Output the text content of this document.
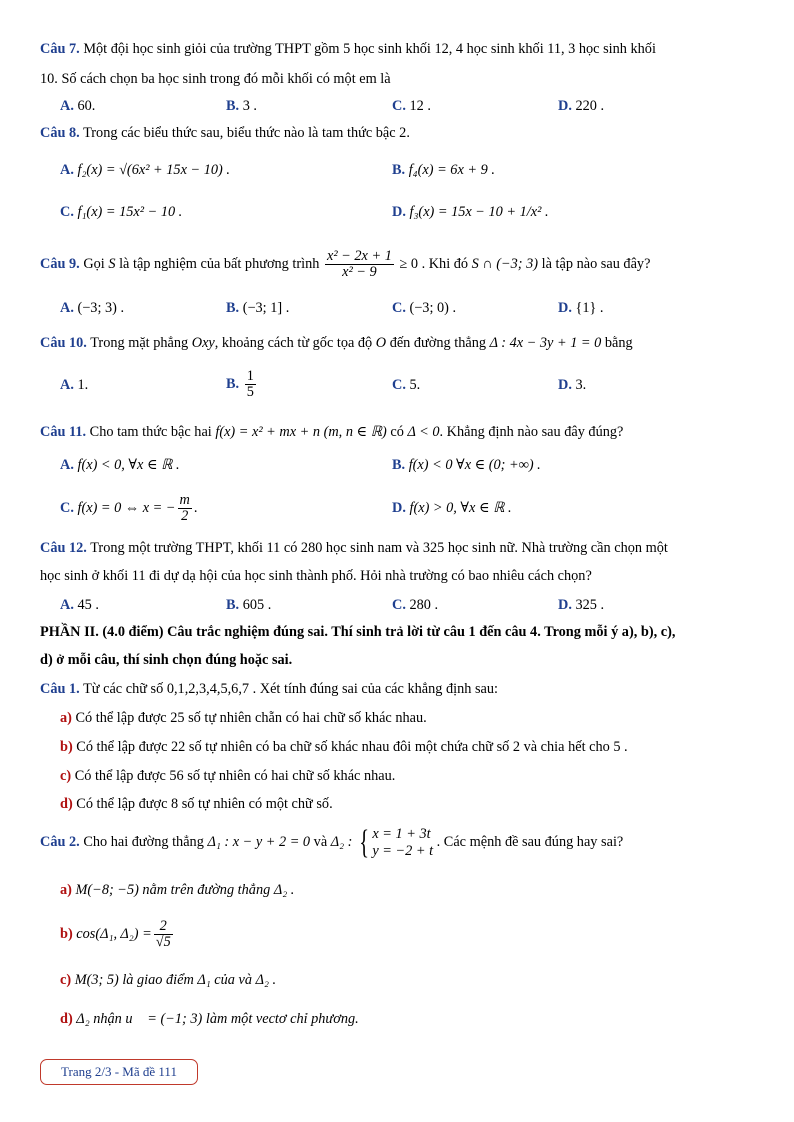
Câu 7. Một đội học sinh giỏi của trường THPT gồm 5 học sinh khối 12, 4 học sinh khối 11, 3 học sinh khối
10. Số cách chọn ba học sinh trong đó mỗi khối có một em là
A. 60.	B. 3 .	C. 12 .	D. 220 .
Câu 8. Trong các biểu thức sau, biểu thức nào là tam thức bậc 2.
A. f₂(x) = √(6x² + 15x − 10) .	B. f₄(x) = 6x + 9 .
C. f₁(x) = 15x² − 10 .	D. f₃(x) = 15x − 10 + 1/x² .
Câu 9. Gọi S là tập nghiệm của bất phương trình $\frac{\text{x² − 2x + 1}}{\text{x² − 9}} \ge 0$ . Khi đó S ∩ (−3; 3) là tập nào sau đây?
A. (−3; 3) .	B. (−3; 1] .	C. (−3; 0) .	D. {1} .
Câu 10. Trong mặt phẳng Oxy, khoảng cách từ gốc tọa độ O đến đường thẳng Δ : 4x − 3y + 1 = 0 bằng
A. 1.	B. $\frac{1}{5}$	C. 5.	D. 3.
Câu 11. Cho tam thức bậc hai f(x) = x² + mx + n (m, n ∈ ℝ) có Δ < 0. Khẳng định nào sau đây đúng?
A. f(x) < 0, ∀x ∈ ℝ .	B. f(x) < 0 ∀x ∈ (0; +∞) .
C. f(x) = 0 ⇔ x = − $\frac{m}{2}$ .	D. f(x) > 0, ∀x ∈ ℝ .
Câu 12. Trong một trường THPT, khối 11 có 280 học sinh nam và 325 học sinh nữ. Nhà trường cần chọn một
học sinh ở khối 11 đi dự dạ hội của học sinh thành phố. Hỏi nhà trường có bao nhiêu cách chọn?
A. 45 .	B. 605 .	C. 280 .	D. 325 .
PHẦN II. (4.0 điểm) Câu trắc nghiệm đúng sai. Thí sinh trả lời từ câu 1 đến câu 4. Trong mỗi ý a), b), c),
d) ở mỗi câu, thí sinh chọn đúng hoặc sai.
Câu 1. Từ các chữ số 0,1,2,3,4,5,6,7 . Xét tính đúng sai của các khẳng định sau:
a) Có thể lập được 25 số tự nhiên chẵn có hai chữ số khác nhau.
b) Có thể lập được 22 số tự nhiên có ba chữ số khác nhau đôi một chứa chữ số 2 và chia hết cho 5 .
c) Có thể lập được 56 số tự nhiên có hai chữ số khác nhau.
d) Có thể lập được 8 số tự nhiên có một chữ số.
Câu 2. Cho hai đường thẳng Δ₁ : x − y + 2 = 0 và Δ₂ : { x = 1 + 3t
y = −2 + t
. Các mệnh đề sau đúng hay sai?
a) M(−8; −5) nằm trên đường thẳng Δ₂ .
b) cos(Δ₁, $\Delta_2) = \frac{2}{√5}$
c) M(3; 5) là giao điểm Δ₁ của và Δ₂ .
d) Δ₂ nhận u⃗ = (−1; 3) làm một vectơ chỉ phương.
Trang 2/3 - Mã đề 111
